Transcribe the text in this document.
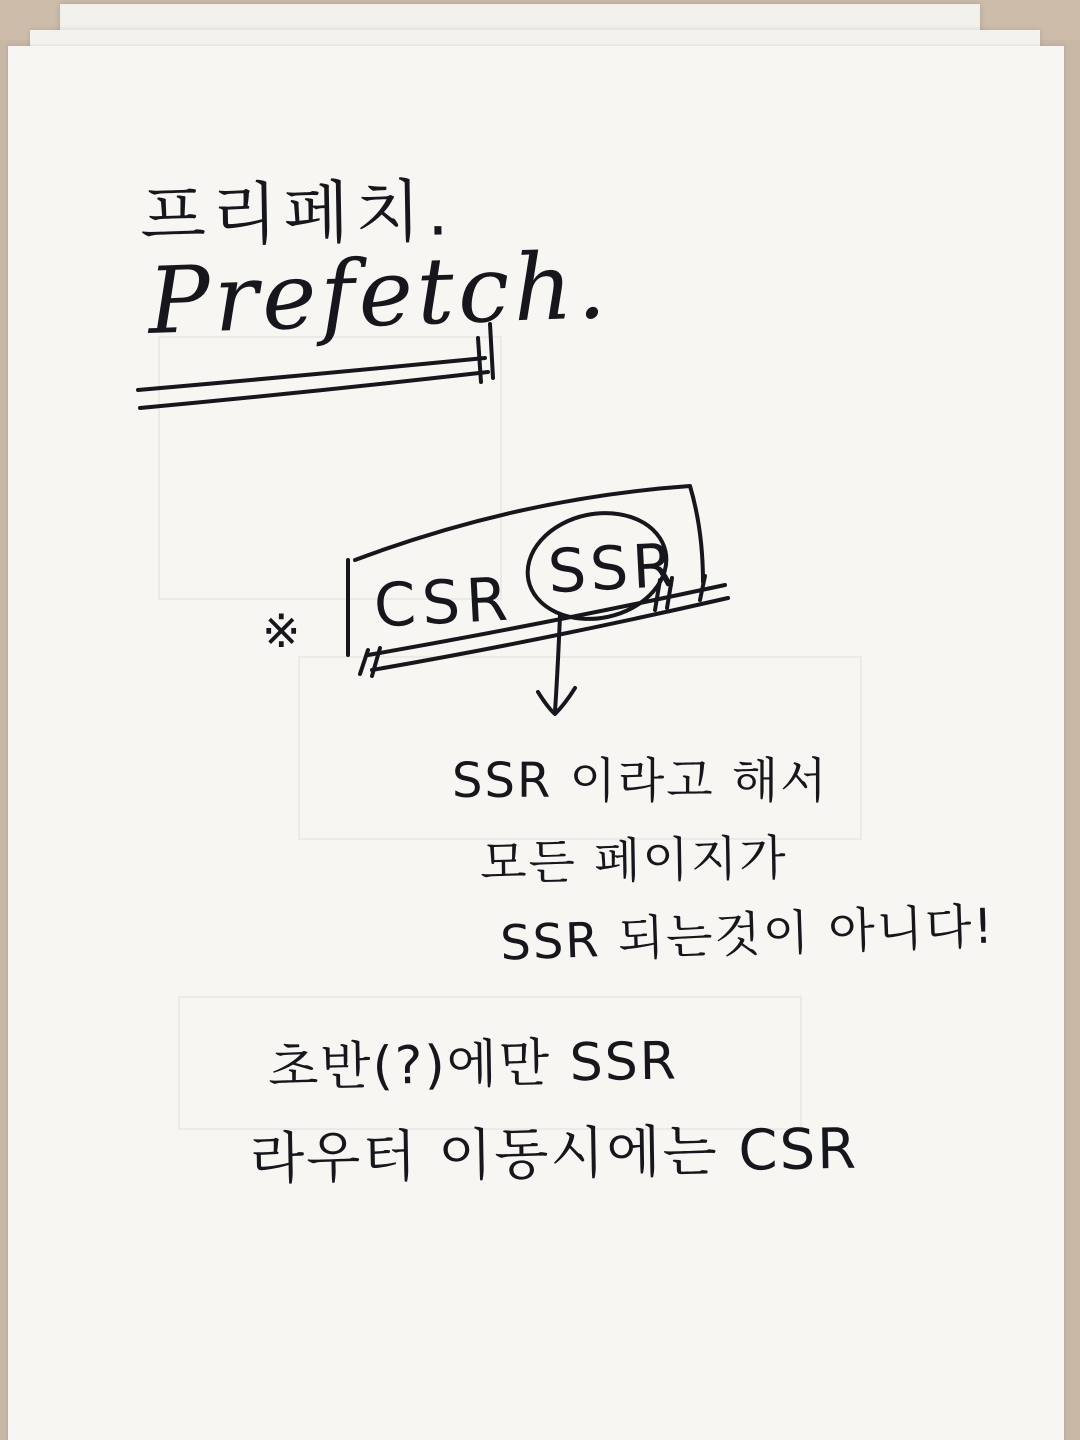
프리페치.
Prefetch.
※ CSR SSR
SSR 이라고 해서
모든 페이지가
SSR 되는것이 아니다!
초반(?)에만 SSR
라우터 이동시에는 CSR
